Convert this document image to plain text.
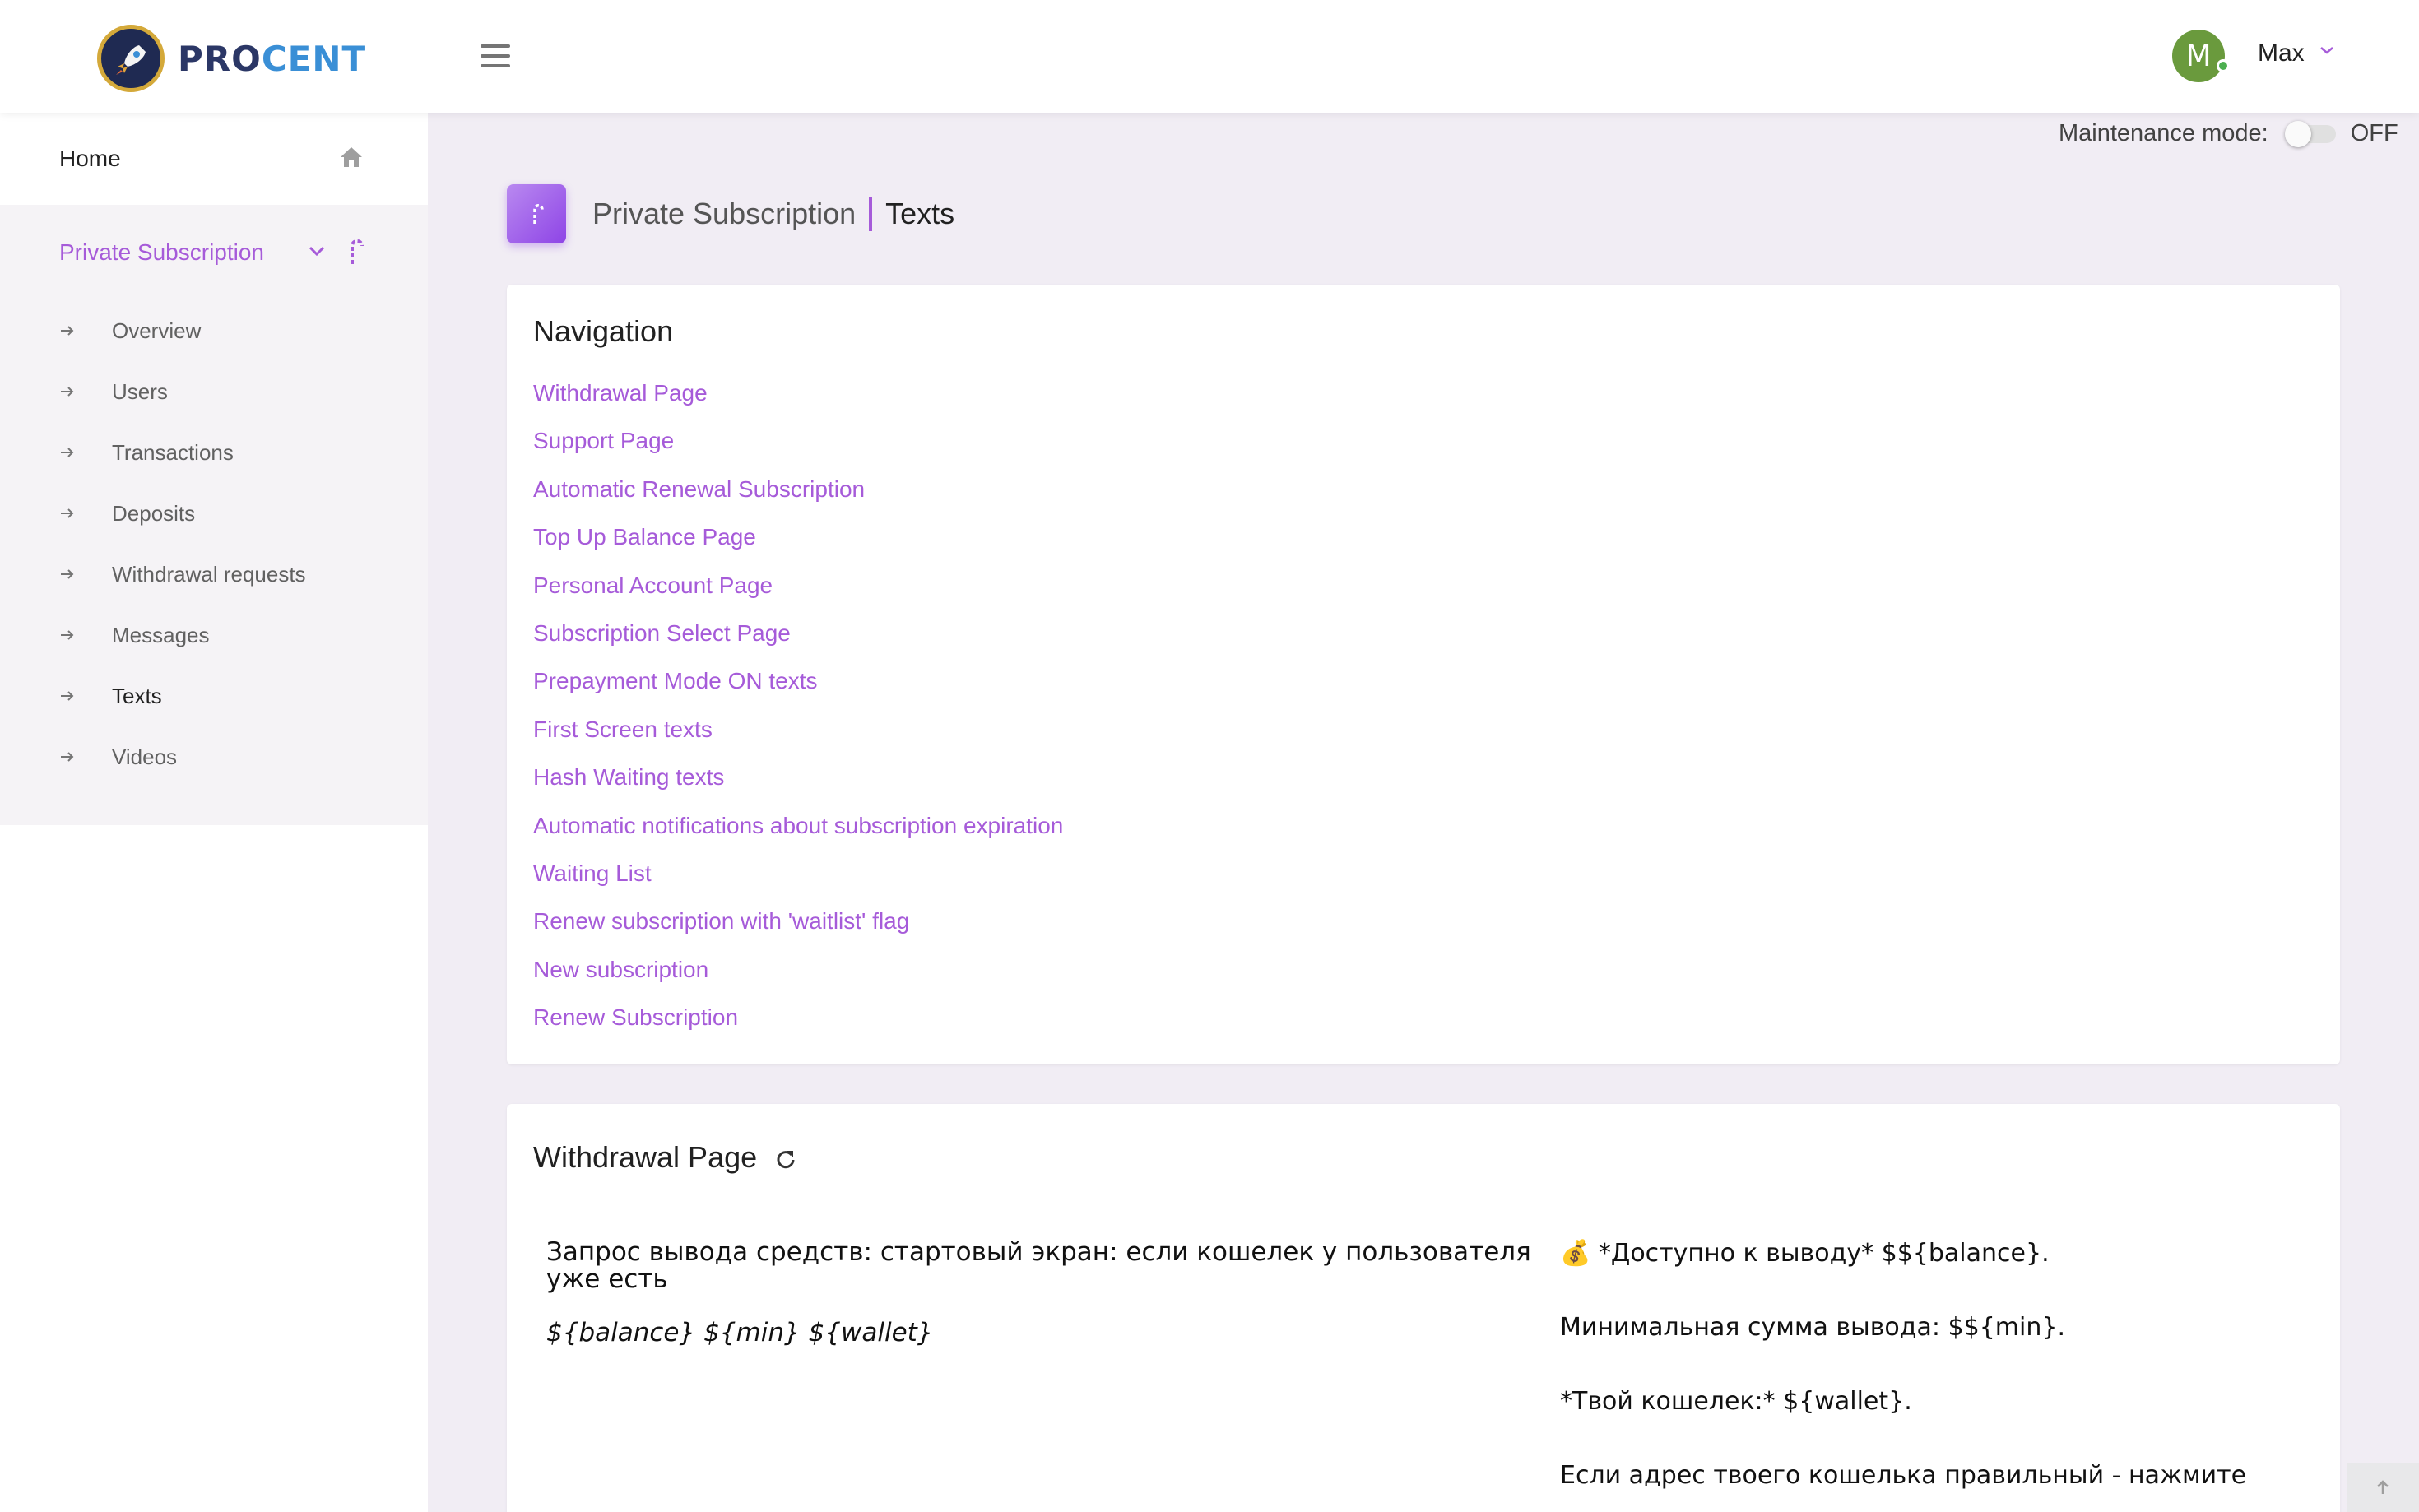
PROCENT	M	Max
Home
Private Subscription
Overview
Users
Transactions
Deposits
Withdrawal requests
Messages
Texts
Videos
Maintenance mode:	OFF
Private Subscription Texts
Navigation
Withdrawal Page
Support Page
Automatic Renewal Subscription
Top Up Balance Page
Personal Account Page
Subscription Select Page
Prepayment Mode ON texts
First Screen texts
Hash Waiting texts
Automatic notifications about subscription expiration
Waiting List
Renew subscription with 'waitlist' flag
New subscription
Renew Subscription
Withdrawal Page
Запрос вывода средств: стартовый экран: если кошелек у пользователя уже есть
${balance} ${min} ${wallet}

💰 *Доступно к выводу* $${balance}.

Минимальная сумма вывода: $${min}.

*Твой кошелек:* ${wallet}.

Если адрес твоего кошелька правильный - нажмите
